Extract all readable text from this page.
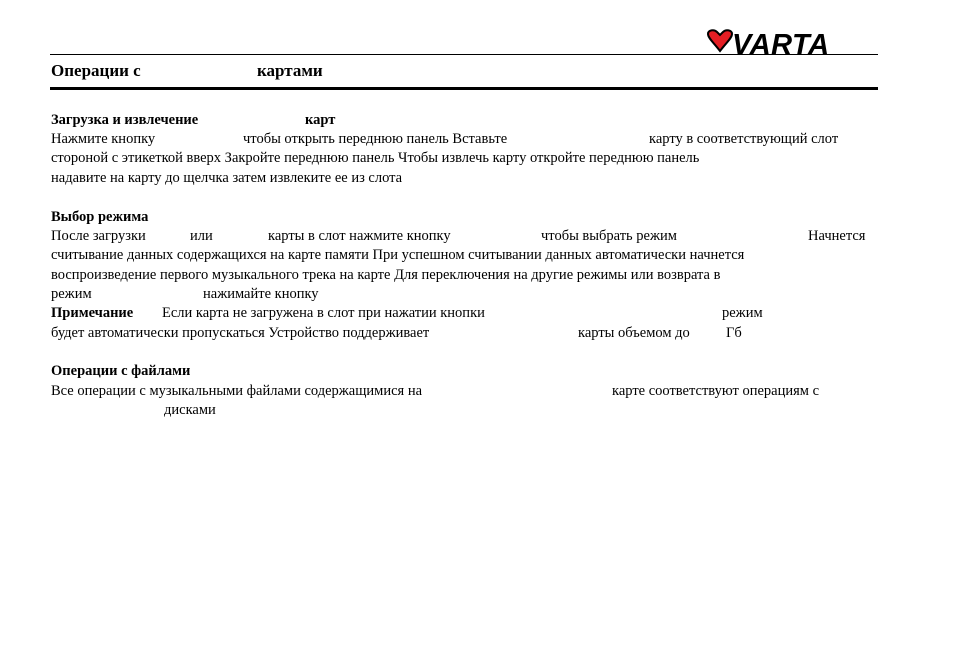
VARTA
Операции с	картами
Загрузка и извлечение	карт
Нажмите кнопку	чтобы открыть переднюю панель Вставьте	карту в соответствующий слот
стороной с этикеткой вверх Закройте переднюю панель Чтобы извлечь карту откройте переднюю панель
надавите на карту до щелчка затем извлеките ее из слота
Выбор режима
После загрузки	или	карты в слот нажмите кнопку	чтобы выбрать режим	Начнется
считывание данных содержащихся на карте памяти При успешном считывании данных автоматически начнется
воспроизведение первого музыкального трека на карте Для переключения на другие режимы или возврата в
режим	нажимайте кнопку
Примечание Если карта не загружена в слот при нажатии кнопки	режим
будет автоматически пропускаться Устройство поддерживает	карты объемом до Гб
Операции с файлами
Все операции с музыкальными файлами содержащимися на	карте соответствуют операциям с
дисками
